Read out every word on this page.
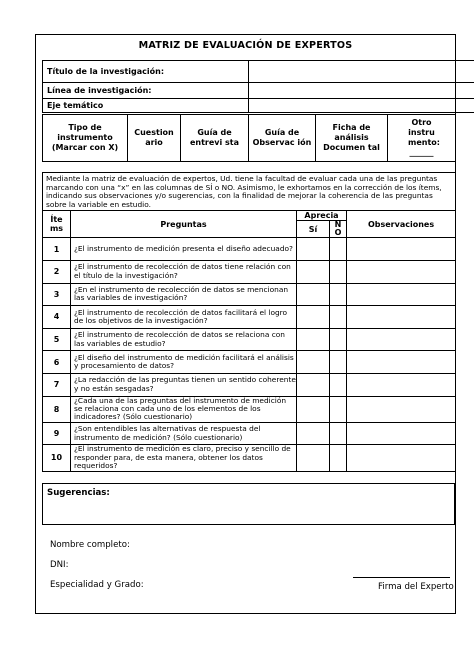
MATRIZ DE EVALUACIÓN DE EXPERTOS
Título de la investigación:	
Línea de investigación:	
Eje temático	
Tipo de instrumento (Marcar con X)	Cuestion ario	Guía de entrevi sta	Guía de Observac ión	Ficha de análisis Documen tal	Otro instru mento: ______
Mediante la matriz de evaluación de expertos, Ud. tiene la facultad de evaluar cada una de las preguntas marcando con una “x” en las columnas de SÍ o NO. Asimismo, le exhortamos en la corrección de los ítems, indicando sus observaciones y/o sugerencias, con la finalidad de mejorar la coherencia de las preguntas sobre la variable en estudio.				
Íte ms	Preguntas	Aprecia		Observaciones
		Sí	N O	
1	¿El instrumento de medición presenta el diseño adecuado?			
2	¿El instrumento de recolección de datos tiene relación con el título de la investigación?			
3	¿En el instrumento de recolección de datos se mencionan las variables de investigación?			
4	¿El instrumento de recolección de datos facilitará el logro de los objetivos de la investigación?			
5	¿El instrumento de recolección de datos se relaciona con las variables de estudio?			
6	¿El diseño del instrumento de medición facilitará el análisis y procesamiento de datos?			
7	¿La redacción de las preguntas tienen un sentido coherente y no están sesgadas?			
8	¿Cada una de las preguntas del instrumento de medición se relaciona con cada uno de los elementos de los indicadores? (Sólo cuestionario)			
9	¿Son entendibles las alternativas de respuesta del instrumento de medición? (Sólo cuestionario)			
10	¿El instrumento de medición es claro, preciso y sencillo de responder para, de esta manera, obtener los datos requeridos?			
Sugerencias:
Nombre completo:
DNI:
Especialidad y Grado:	Firma del Experto
